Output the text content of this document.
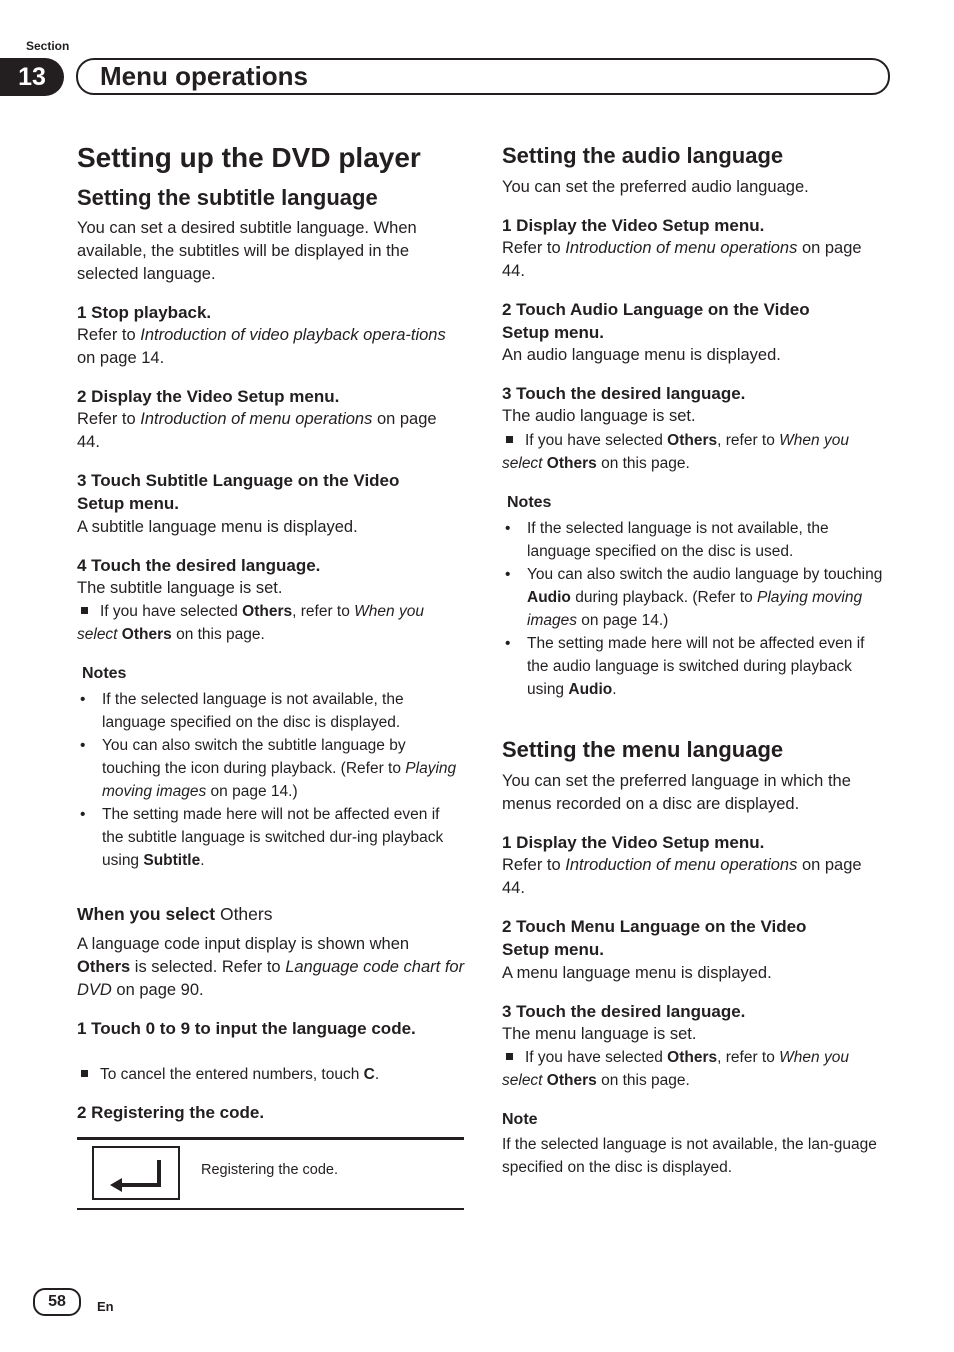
Section
13	Menu operations
Setting up the DVD player
Setting the subtitle language

You can set a desired subtitle language. When available, the subtitles will be displayed in the selected language.

1 Stop playback.

Refer to Introduction of video playback opera-tions on page 14.

2 Display the Video Setup menu.

Refer to Introduction of menu operations on page 44.

3 Touch Subtitle Language on the Video Setup menu.

A subtitle language menu is displayed.

4 Touch the desired language.

The subtitle language is set.

If you have selected Others, refer to When you select Others on this page.

Notes
• If the selected language is not available, the language specified on the disc is displayed.
• You can also switch the subtitle language by touching the icon during playback. (Refer to Playing moving images on page 14.)
• The setting made here will not be affected even if the subtitle language is switched dur-ing playback using Subtitle.
When you select Others

A language code input display is shown when Others is selected. Refer to Language code chart for DVD on page 90.

1 Touch 0 to 9 to input the language code.

To cancel the entered numbers, touch C.

2 Registering the code.
Registering the code.
Setting the audio language

You can set the preferred audio language.

1 Display the Video Setup menu.

Refer to Introduction of menu operations on page 44.

2 Touch Audio Language on the Video Setup menu.

An audio language menu is displayed.

3 Touch the desired language.

The audio language is set.

If you have selected Others, refer to When you select Others on this page.

Notes
• If the selected language is not available, the language specified on the disc is used.
• You can also switch the audio language by touching Audio during playback. (Refer to Playing moving images on page 14.)
• The setting made here will not be affected even if the audio language is switched during playback using Audio.
Setting the menu language

You can set the preferred language in which the menus recorded on a disc are displayed.

1 Display the Video Setup menu.

Refer to Introduction of menu operations on page 44.

2 Touch Menu Language on the Video Setup menu.

A menu language menu is displayed.

3 Touch the desired language.

The menu language is set.

If you have selected Others, refer to When you select Others on this page.

Note

If the selected language is not available, the lan-guage specified on the disc is displayed.

58	En
